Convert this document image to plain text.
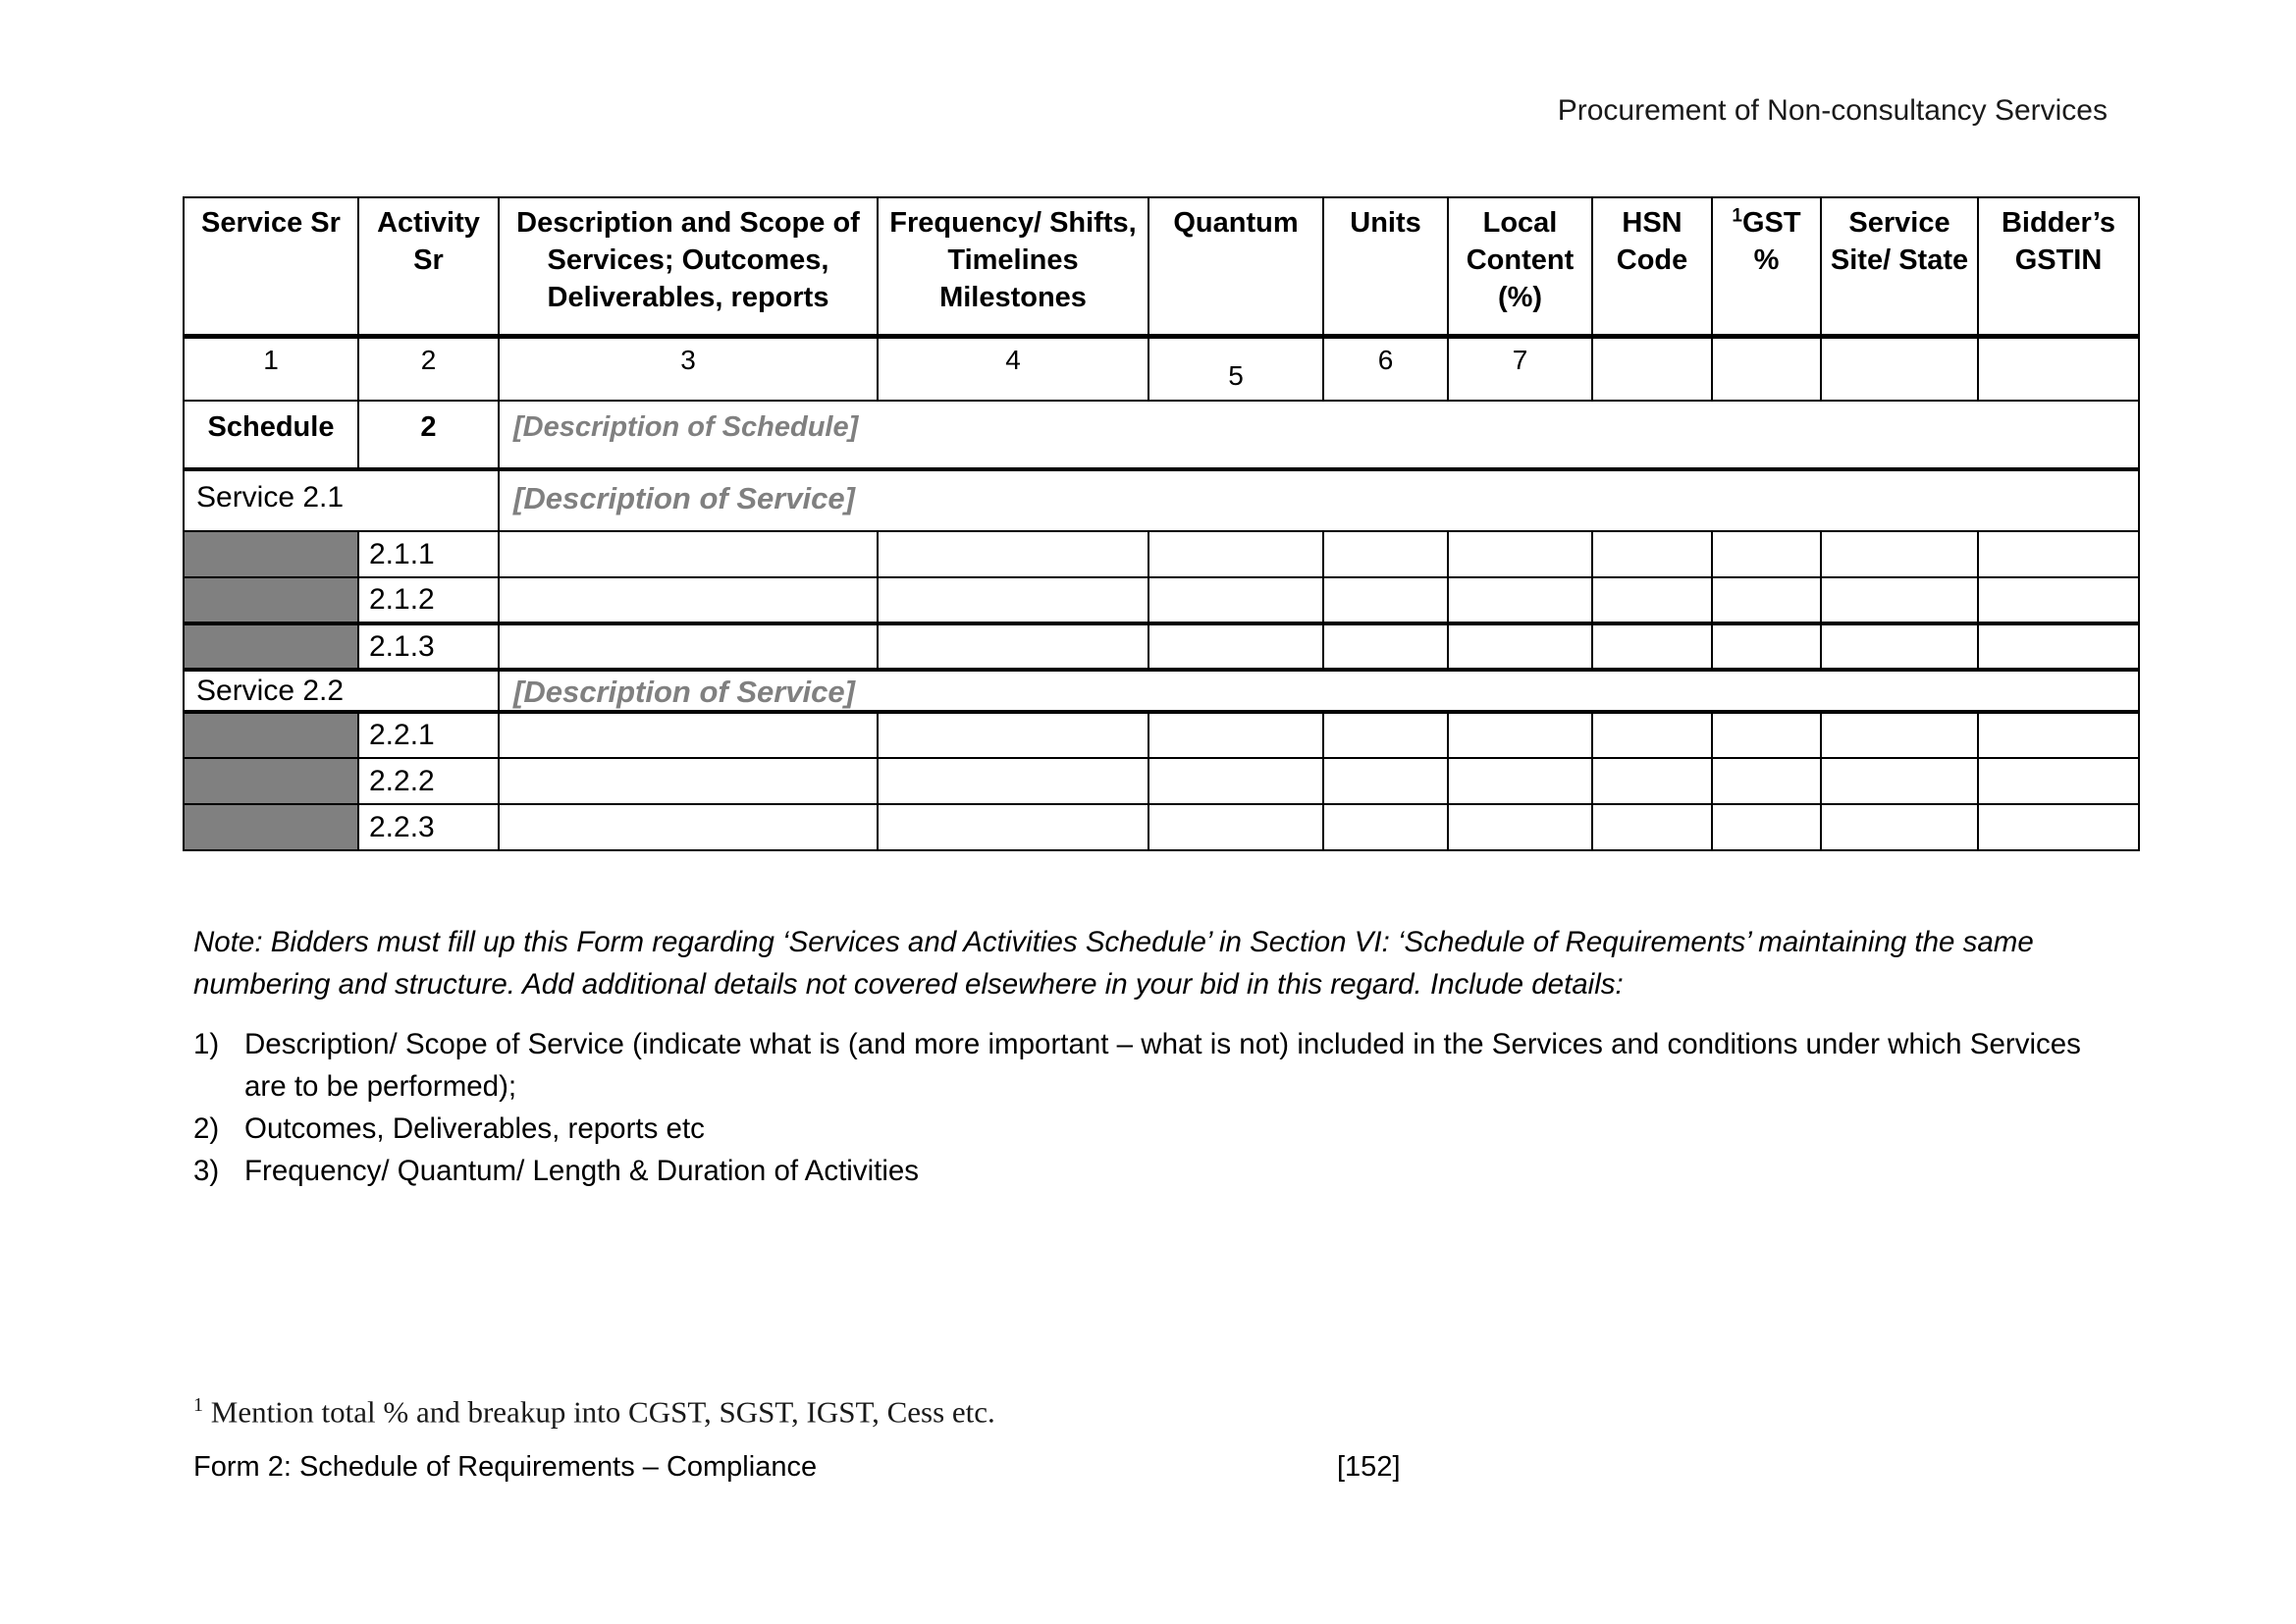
Procurement of Non-consultancy Services
Service Sr	Activity Sr	Description and Scope of Services; Outcomes, Deliverables, reports	Frequency/ Shifts, Timelines Milestones	Quantum	Units	Local Content (%)	HSN Code	$^1$GST %	Service Site/ State	Bidder’s GSTIN
1	2	3	4	5	6	7				
Schedule	2	[Description of Schedule]								
Service 2.1		[Description of Service]								
	2.1.1									
	2.1.2									
	2.1.3									
Service 2.2		[Description of Service]								
	2.2.1									
	2.2.2									
	2.2.3									
Note: Bidders must fill up this Form regarding ‘Services and Activities Schedule’ in Section VI: ‘Schedule of Requirements’ maintaining the same numbering and structure. Add additional details not covered elsewhere in your bid in this regard. Include details:
1) Description/ Scope of Service (indicate what is (and more important – what is not) included in the Services and conditions under which Services are to be performed);
2) Outcomes, Deliverables, reports etc
3) Frequency/ Quantum/ Length & Duration of Activities
$^1$ Mention total % and breakup into CGST, SGST, IGST, Cess etc.
Form 2: Schedule of Requirements – Compliance	[152]
